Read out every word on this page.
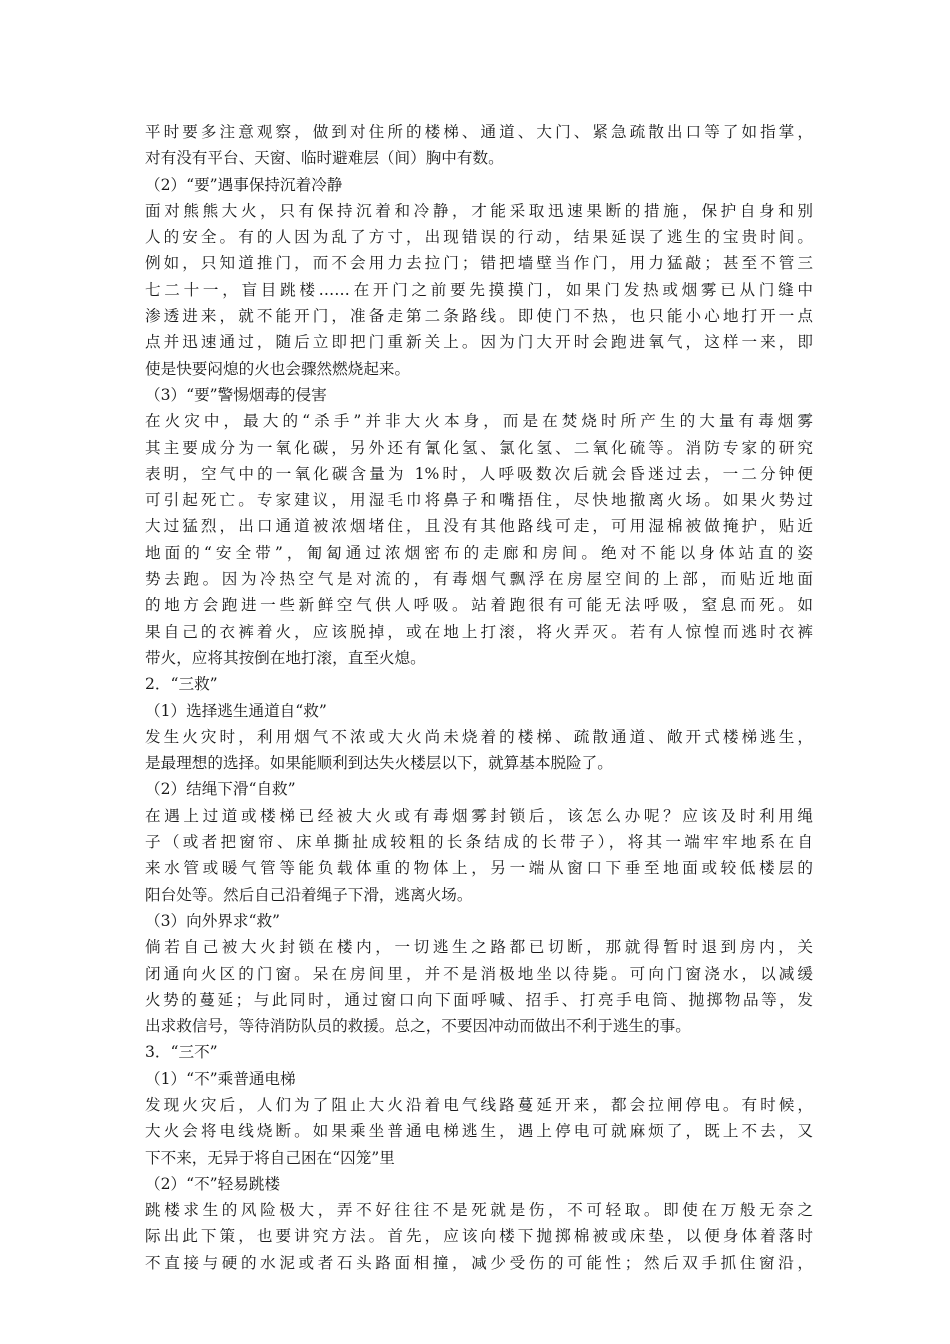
平时要多注意观察，做到对住所的楼梯、通道、大门、紧急疏散出口等了如指掌，
对有没有平台、天窗、临时避难层（间）胸中有数。
（2）“要”遇事保持沉着冷静
面对熊熊大火，只有保持沉着和冷静，才能采取迅速果断的措施，保护自身和别
人的安全。有的人因为乱了方寸，出现错误的行动，结果延误了逃生的宝贵时间。
例如，只知道推门，而不会用力去拉门；错把墙壁当作门，用力猛敲；甚至不管三
七二十一，盲目跳楼……在开门之前要先摸摸门，如果门发热或烟雾已从门缝中
渗透进来，就不能开门，准备走第二条路线。即使门不热，也只能小心地打开一点
点并迅速通过，随后立即把门重新关上。因为门大开时会跑进氧气，这样一来，即
使是快要闷熄的火也会骤然燃烧起来。
（3）“要”警惕烟毒的侵害
在火灾中，最大的“杀手”并非大火本身，而是在焚烧时所产生的大量有毒烟雾
其主要成分为一氧化碳，另外还有氰化氢、氯化氢、二氧化硫等。消防专家的研究
表明，空气中的一氧化碳含量为 1%时，人呼吸数次后就会昏迷过去，一二分钟便
可引起死亡。专家建议，用湿毛巾将鼻子和嘴捂住，尽快地撤离火场。如果火势过
大过猛烈，出口通道被浓烟堵住，且没有其他路线可走，可用湿棉被做掩护，贴近
地面的“安全带”，匍匐通过浓烟密布的走廊和房间。绝对不能以身体站直的姿
势去跑。因为冷热空气是对流的，有毒烟气飘浮在房屋空间的上部，而贴近地面
的地方会跑进一些新鲜空气供人呼吸。站着跑很有可能无法呼吸，窒息而死。如
果自己的衣裤着火，应该脱掉，或在地上打滚，将火弄灭。若有人惊惶而逃时衣裤
带火，应将其按倒在地打滚，直至火熄。
2．“三救”
（1）选择逃生通道自“救”
发生火灾时，利用烟气不浓或大火尚未烧着的楼梯、疏散通道、敞开式楼梯逃生，
是最理想的选择。如果能顺利到达失火楼层以下，就算基本脱险了。
（2）结绳下滑“自救”
在遇上过道或楼梯已经被大火或有毒烟雾封锁后，该怎么办呢？应该及时利用绳
子（或者把窗帘、床单撕扯成较粗的长条结成的长带子），将其一端牢牢地系在自
来水管或暖气管等能负载体重的物体上，另一端从窗口下垂至地面或较低楼层的
阳台处等。然后自己沿着绳子下滑，逃离火场。
（3）向外界求“救”
倘若自己被大火封锁在楼内，一切逃生之路都已切断，那就得暂时退到房内，关
闭通向火区的门窗。呆在房间里，并不是消极地坐以待毙。可向门窗浇水，以减缓
火势的蔓延；与此同时，通过窗口向下面呼喊、招手、打亮手电筒、抛掷物品等，发
出求救信号，等待消防队员的救援。总之，不要因冲动而做出不利于逃生的事。
3．“三不”
（1）“不”乘普通电梯
发现火灾后，人们为了阻止大火沿着电气线路蔓延开来，都会拉闸停电。有时候，
大火会将电线烧断。如果乘坐普通电梯逃生，遇上停电可就麻烦了，既上不去，又
下不来，无异于将自己困在“囚笼”里
（2）“不”轻易跳楼
跳楼求生的风险极大，弄不好往往不是死就是伤，不可轻取。即使在万般无奈之
际出此下策，也要讲究方法。首先，应该向楼下抛掷棉被或床垫，以便身体着落时
不直接与硬的水泥或者石头路面相撞，减少受伤的可能性；然后双手抓住窗沿，
